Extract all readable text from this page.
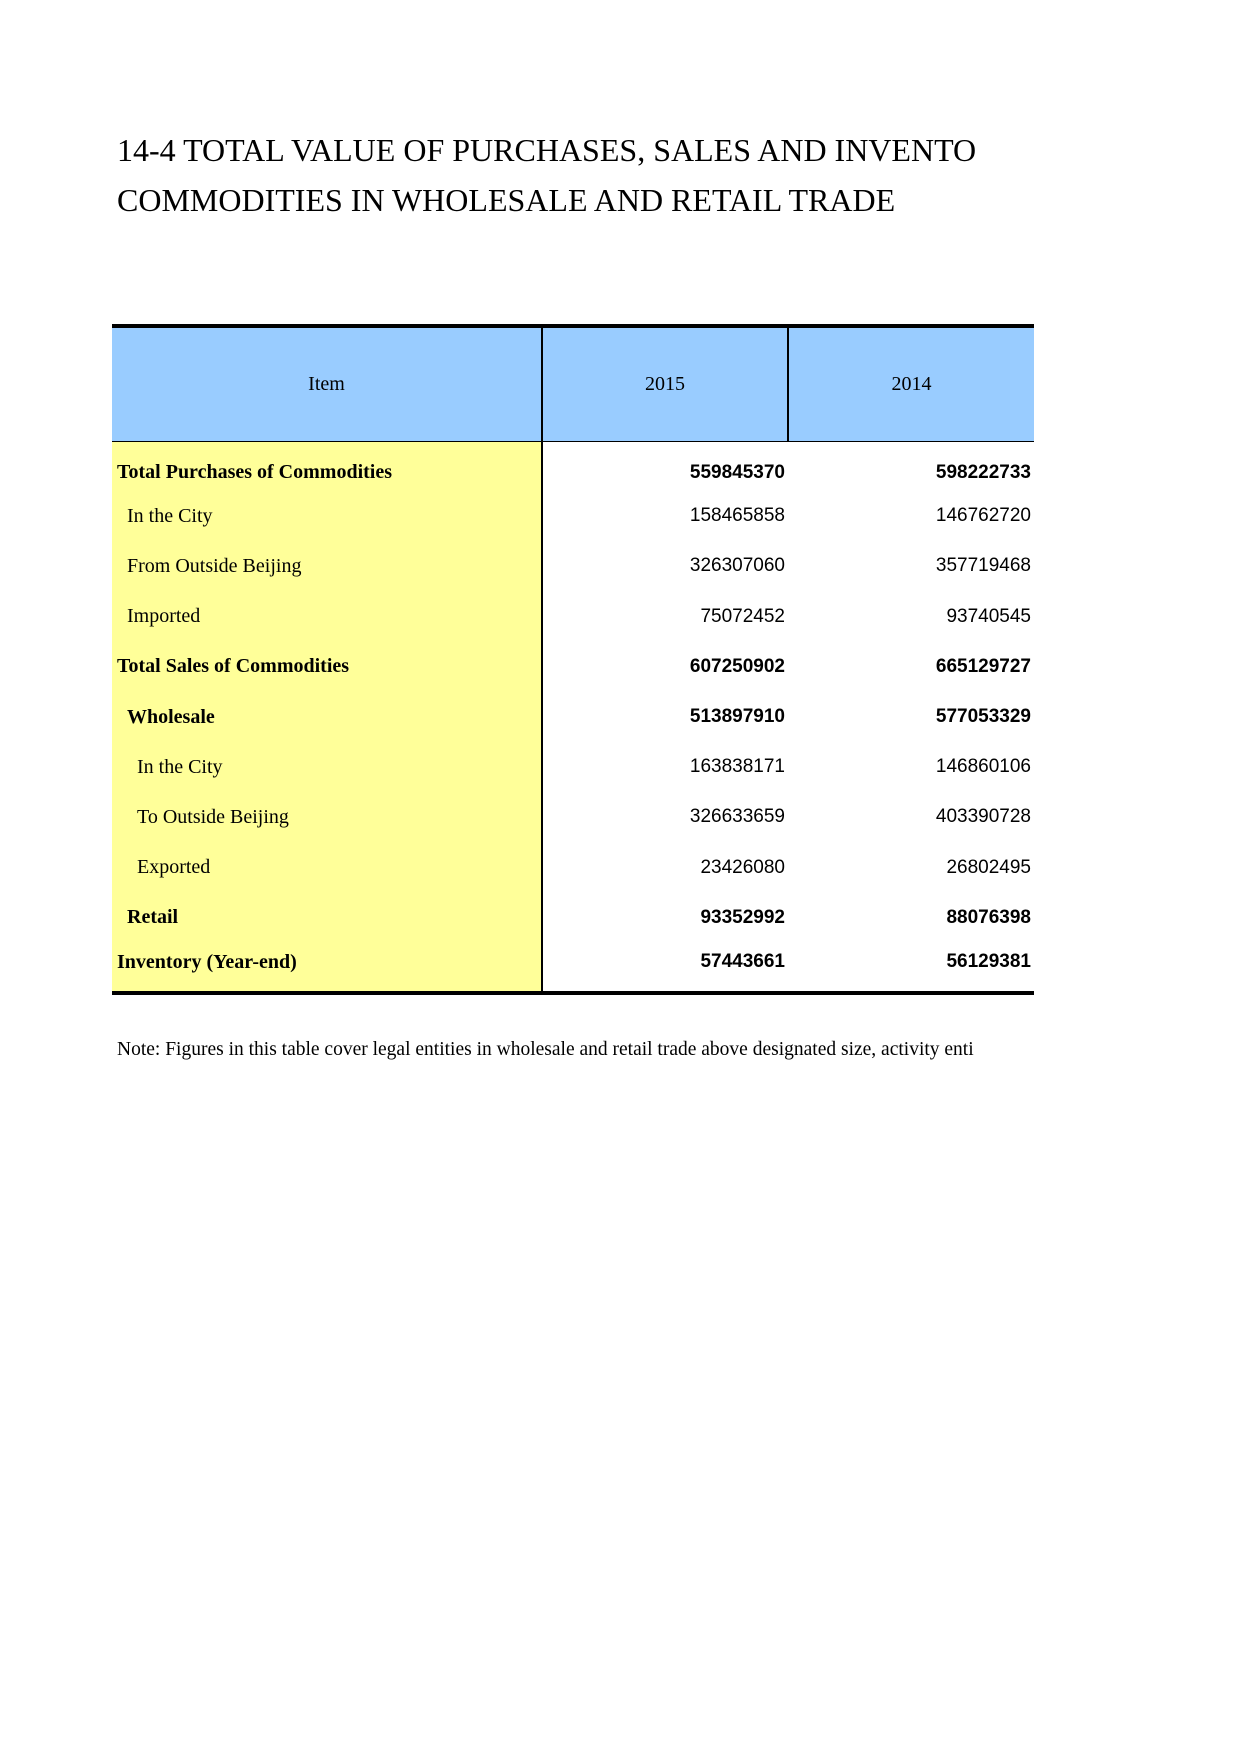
14-4 TOTAL VALUE OF PURCHASES, SALES AND INVENTO
COMMODITIES IN WHOLESALE AND RETAIL TRADE
Item	2015	2014
Total Purchases of Commodities	559845370	598222733
In the City	158465858	146762720
From Outside Beijing	326307060	357719468
Imported	75072452	93740545
Total Sales of Commodities	607250902	665129727
Wholesale	513897910	577053329
In the City	163838171	146860106
To Outside Beijing	326633659	403390728
Exported	23426080	26802495
Retail	93352992	88076398
Inventory (Year-end)	57443661	56129381

Note: Figures in this table cover legal entities in wholesale and retail trade above designated size, activity enti
